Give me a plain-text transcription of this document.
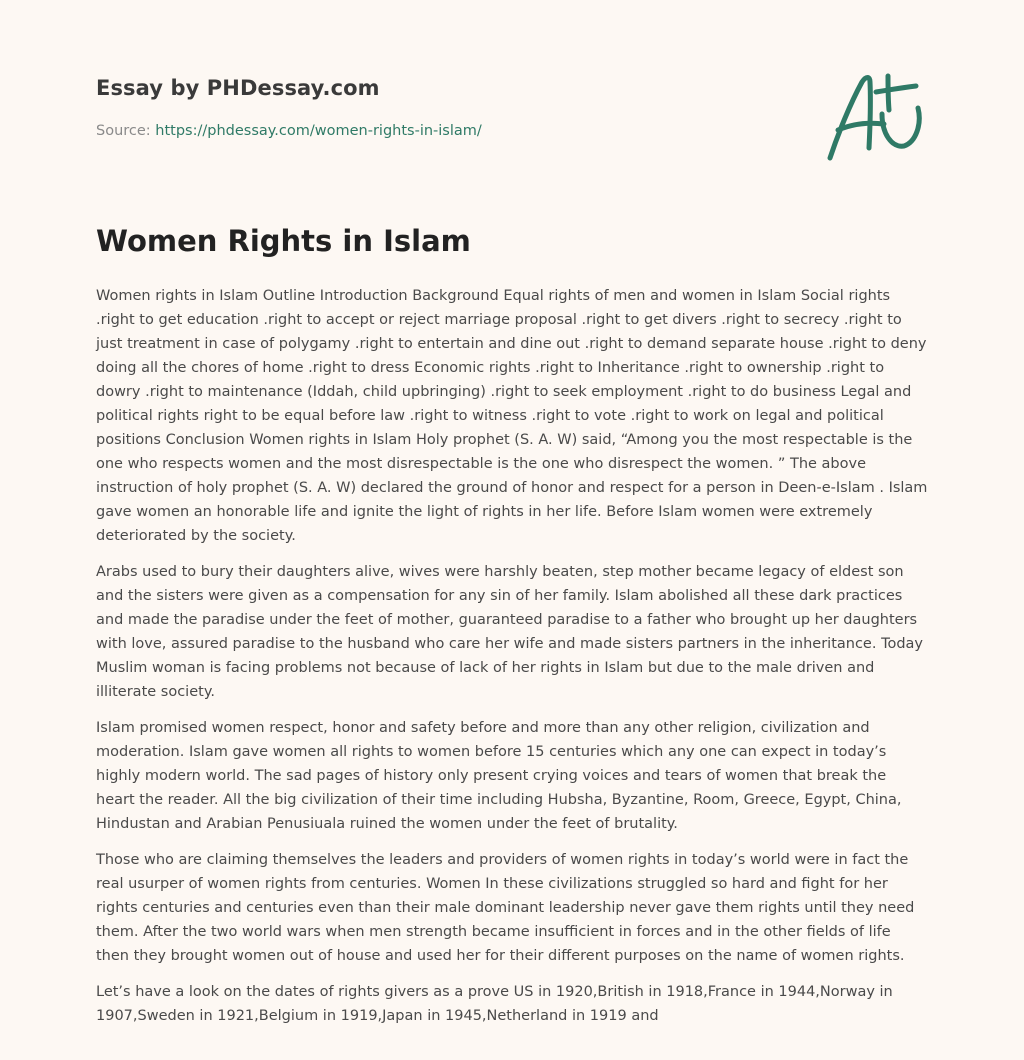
Essay by PHDessay.com
Source: https://phdessay.com/women-rights-in-islam/
Women Rights in Islam

Women rights in Islam Outline Introduction Background Equal rights of men and women in Islam Social rights .right to get education .right to accept or reject marriage proposal .right to get divers .right to secrecy .right to just treatment in case of polygamy .right to entertain and dine out .right to demand separate house .right to deny doing all the chores of home .right to dress Economic rights .right to Inheritance .right to ownership .right to dowry .right to maintenance (Iddah, child upbringing) .right to seek employment .right to do business Legal and political rights right to be equal before law .right to witness .right to vote .right to work on legal and political positions Conclusion Women rights in Islam Holy prophet (S. A. W) said, “Among you the most respectable is the one who respects women and the most disrespectable is the one who disrespect the women. ” The above instruction of holy prophet (S. A. W) declared the ground of honor and respect for a person in Deen-e-Islam . Islam gave women an honorable life and ignite the light of rights in her life. Before Islam women were extremely deteriorated by the society.

Arabs used to bury their daughters alive, wives were harshly beaten, step mother became legacy of eldest son and the sisters were given as a compensation for any sin of her family. Islam abolished all these dark practices and made the paradise under the feet of mother, guaranteed paradise to a father who brought up her daughters with love, assured paradise to the husband who care her wife and made sisters partners in the inheritance. Today Muslim woman is facing problems not because of lack of her rights in Islam but due to the male driven and illiterate society.

Islam promised women respect, honor and safety before and more than any other religion, civilization and moderation. Islam gave women all rights to women before 15 centuries which any one can expect in today’s highly modern world. The sad pages of history only present crying voices and tears of women that break the heart the reader. All the big civilization of their time including Hubsha, Byzantine, Room, Greece, Egypt, China, Hindustan and Arabian Penusiuala ruined the women under the feet of brutality.

Those who are claiming themselves the leaders and providers of women rights in today’s world were in fact the real usurper of women rights from centuries. Women In these civilizations struggled so hard and fight for her rights centuries and centuries even than their male dominant leadership never gave them rights until they need them. After the two world wars when men strength became insufficient in forces and in the other fields of life then they brought women out of house and used her for their different purposes on the name of women rights.

Let’s have a look on the dates of rights givers as a prove US in 1920,British in 1918,France in 1944,Norway in 1907,Sweden in 1921,Belgium in 1919,Japan in 1945,Netherland in 1919 and
